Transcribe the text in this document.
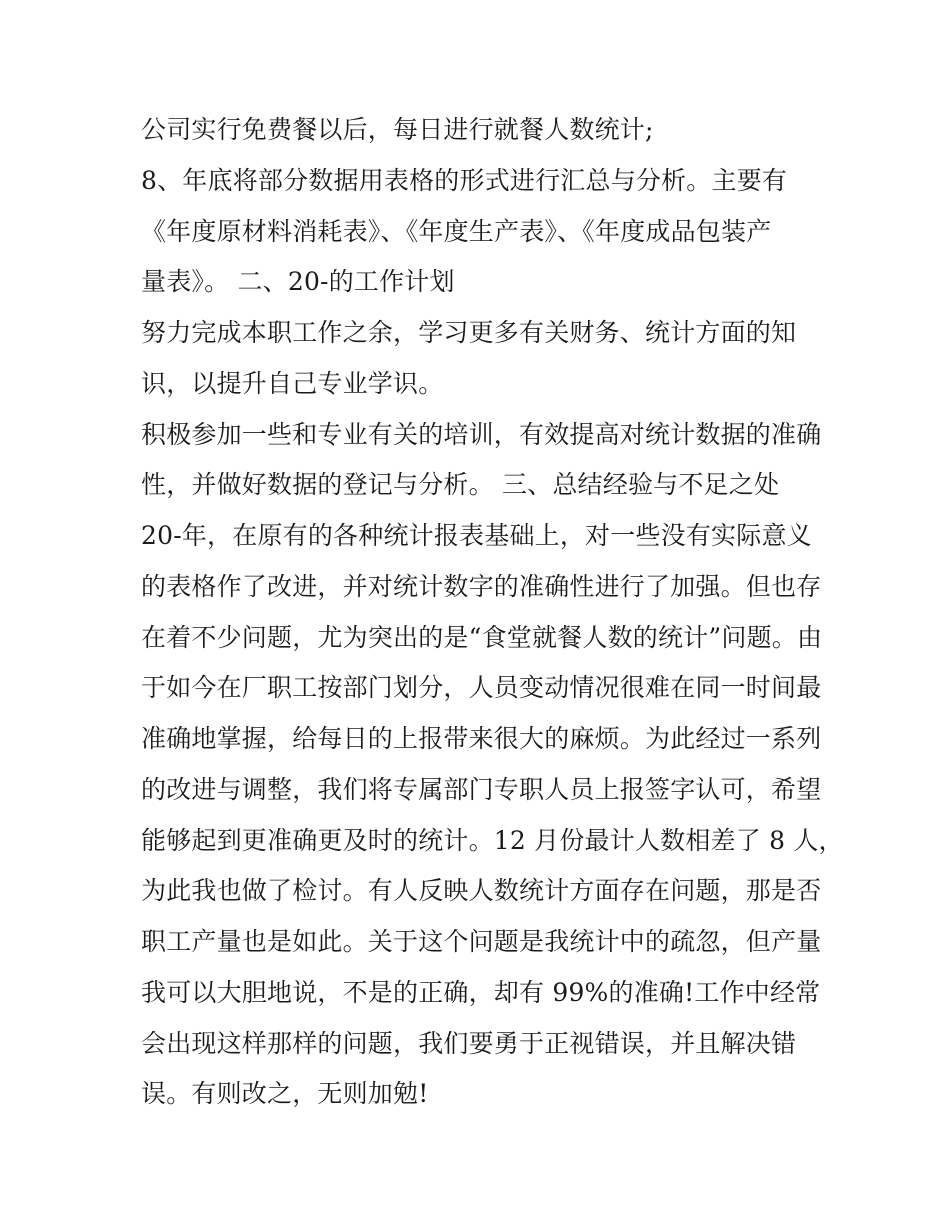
公司实行免费餐以后，每日进行就餐人数统计;

8、年底将部分数据用表格的形式进行汇总与分析。主要有

《年度原材料消耗表》、《年度生产表》、《年度成品包装产

量表》。 二、20-的工作计划

努力完成本职工作之余，学习更多有关财务、统计方面的知

识，以提升自己专业学识。

积极参加一些和专业有关的培训，有效提高对统计数据的准确

性，并做好数据的登记与分析。 三、总结经验与不足之处

20-年，在原有的各种统计报表基础上，对一些没有实际意义

的表格作了改进，并对统计数字的准确性进行了加强。但也存

在着不少问题，尤为突出的是“食堂就餐人数的统计”问题。由

于如今在厂职工按部门划分，人员变动情况很难在同一时间最

准确地掌握，给每日的上报带来很大的麻烦。为此经过一系列

的改进与调整，我们将专属部门专职人员上报签字认可，希望

能够起到更准确更及时的统计。12 月份最计人数相差了 8 人，

为此我也做了检讨。有人反映人数统计方面存在问题，那是否

职工产量也是如此。关于这个问题是我统计中的疏忽，但产量

我可以大胆地说，不是的正确，却有 99%的准确!工作中经常

会出现这样那样的问题，我们要勇于正视错误，并且解决错

误。有则改之，无则加勉!
